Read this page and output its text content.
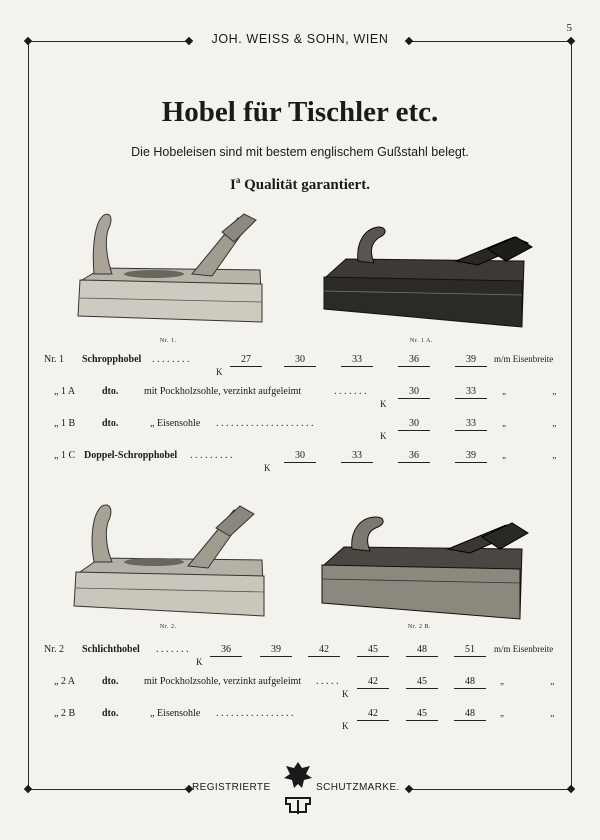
5
JOH. WEISS & SOHN, WIEN
Hobel für Tischler etc.
Die Hobeleisen sind mit bestem englischem Gußstahl belegt.
$I^a$ Qualität garantiert.
Nr. 1.	Nr. 1 A.
Nr. 1 Schropphobel . . . . . . . .	27	30	33	36	39	m/m Eisenbreite
K
„ 1 A	dto.	mit Pockholzsohle, verzinkt aufgeleimt	. . . . . . .	30	33	„ „
K
„ 1 B	dto.	„ Eisensohle . . . . . . . . . . . . . . . . . . . .	30	33	„ „
K
„ 1 C Doppel-Schropphobel . . . . . . . . .	30	33	36	39	„ „
K
Nr. 2.	Nr. 2 B.
Nr. 2 Schlichthobel . . . . . . .	36	39	42	45	48	51	m/m Eisenbreite
K
„ 2 A	dto.	mit Pockholzsohle, verzinkt aufgeleimt . . . . .	42	45	48	„ „
K
„ 2 B	dto.	„ Eisensohle . . . . . . . . . . . . . . . .	42	45	48	„ „
K
REGISTRIERTE	SCHUTZMARKE.
